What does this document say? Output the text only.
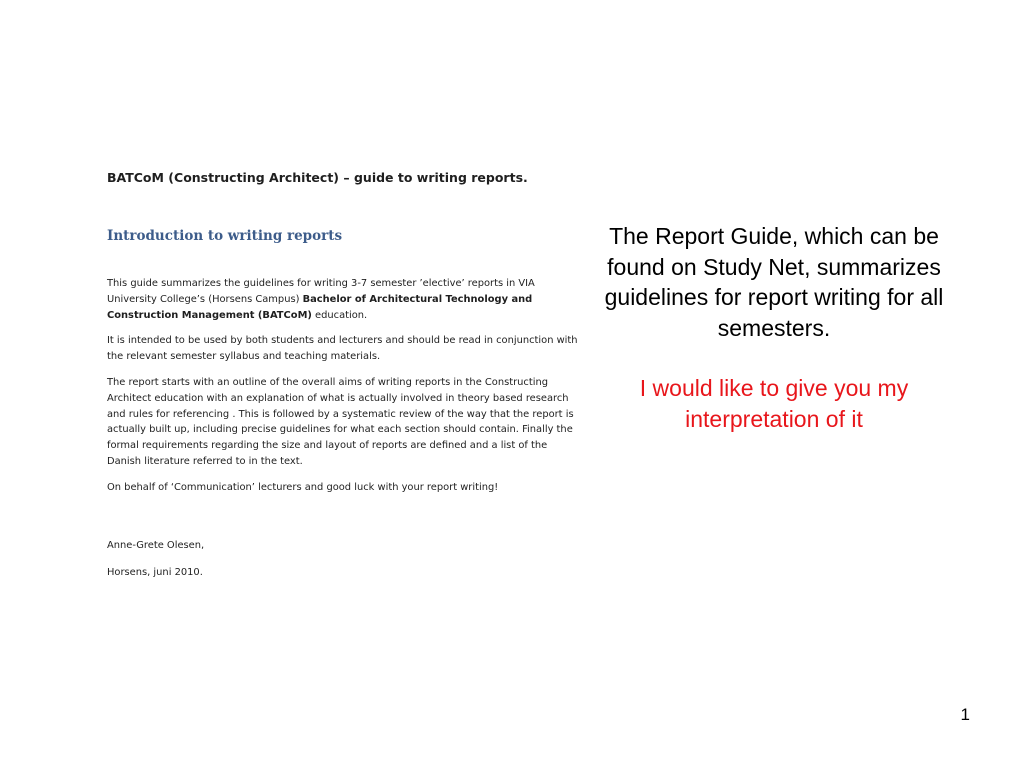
BATCoM (Constructing Architect) – guide to writing reports.
Introduction to writing reports

This guide summarizes the guidelines for writing 3-7 semester ’elective’ reports in VIA University College’s (Horsens Campus) Bachelor of Architectural Technology and Construction Management (BATCoM) education.

It is intended to be used by both students and lecturers and should be read in conjunction with the relevant semester syllabus and teaching materials.

The report starts with an outline of the overall aims of writing reports in the Constructing Architect education with an explanation of what is actually involved in theory based research and rules for referencing . This is followed by a systematic review of the way that the report is actually built up, including precise guidelines for what each section should contain. Finally the formal requirements regarding the size and layout of reports are defined and a list of the Danish literature referred to in the text.

On behalf of ‘Communication’ lecturers and good luck with your report writing!

Anne-Grete Olesen,
Horsens, juni 2010.

The Report Guide, which can be found on Study Net, summarizes guidelines for report writing for all semesters.

I would like to give you my interpretation of it

1
